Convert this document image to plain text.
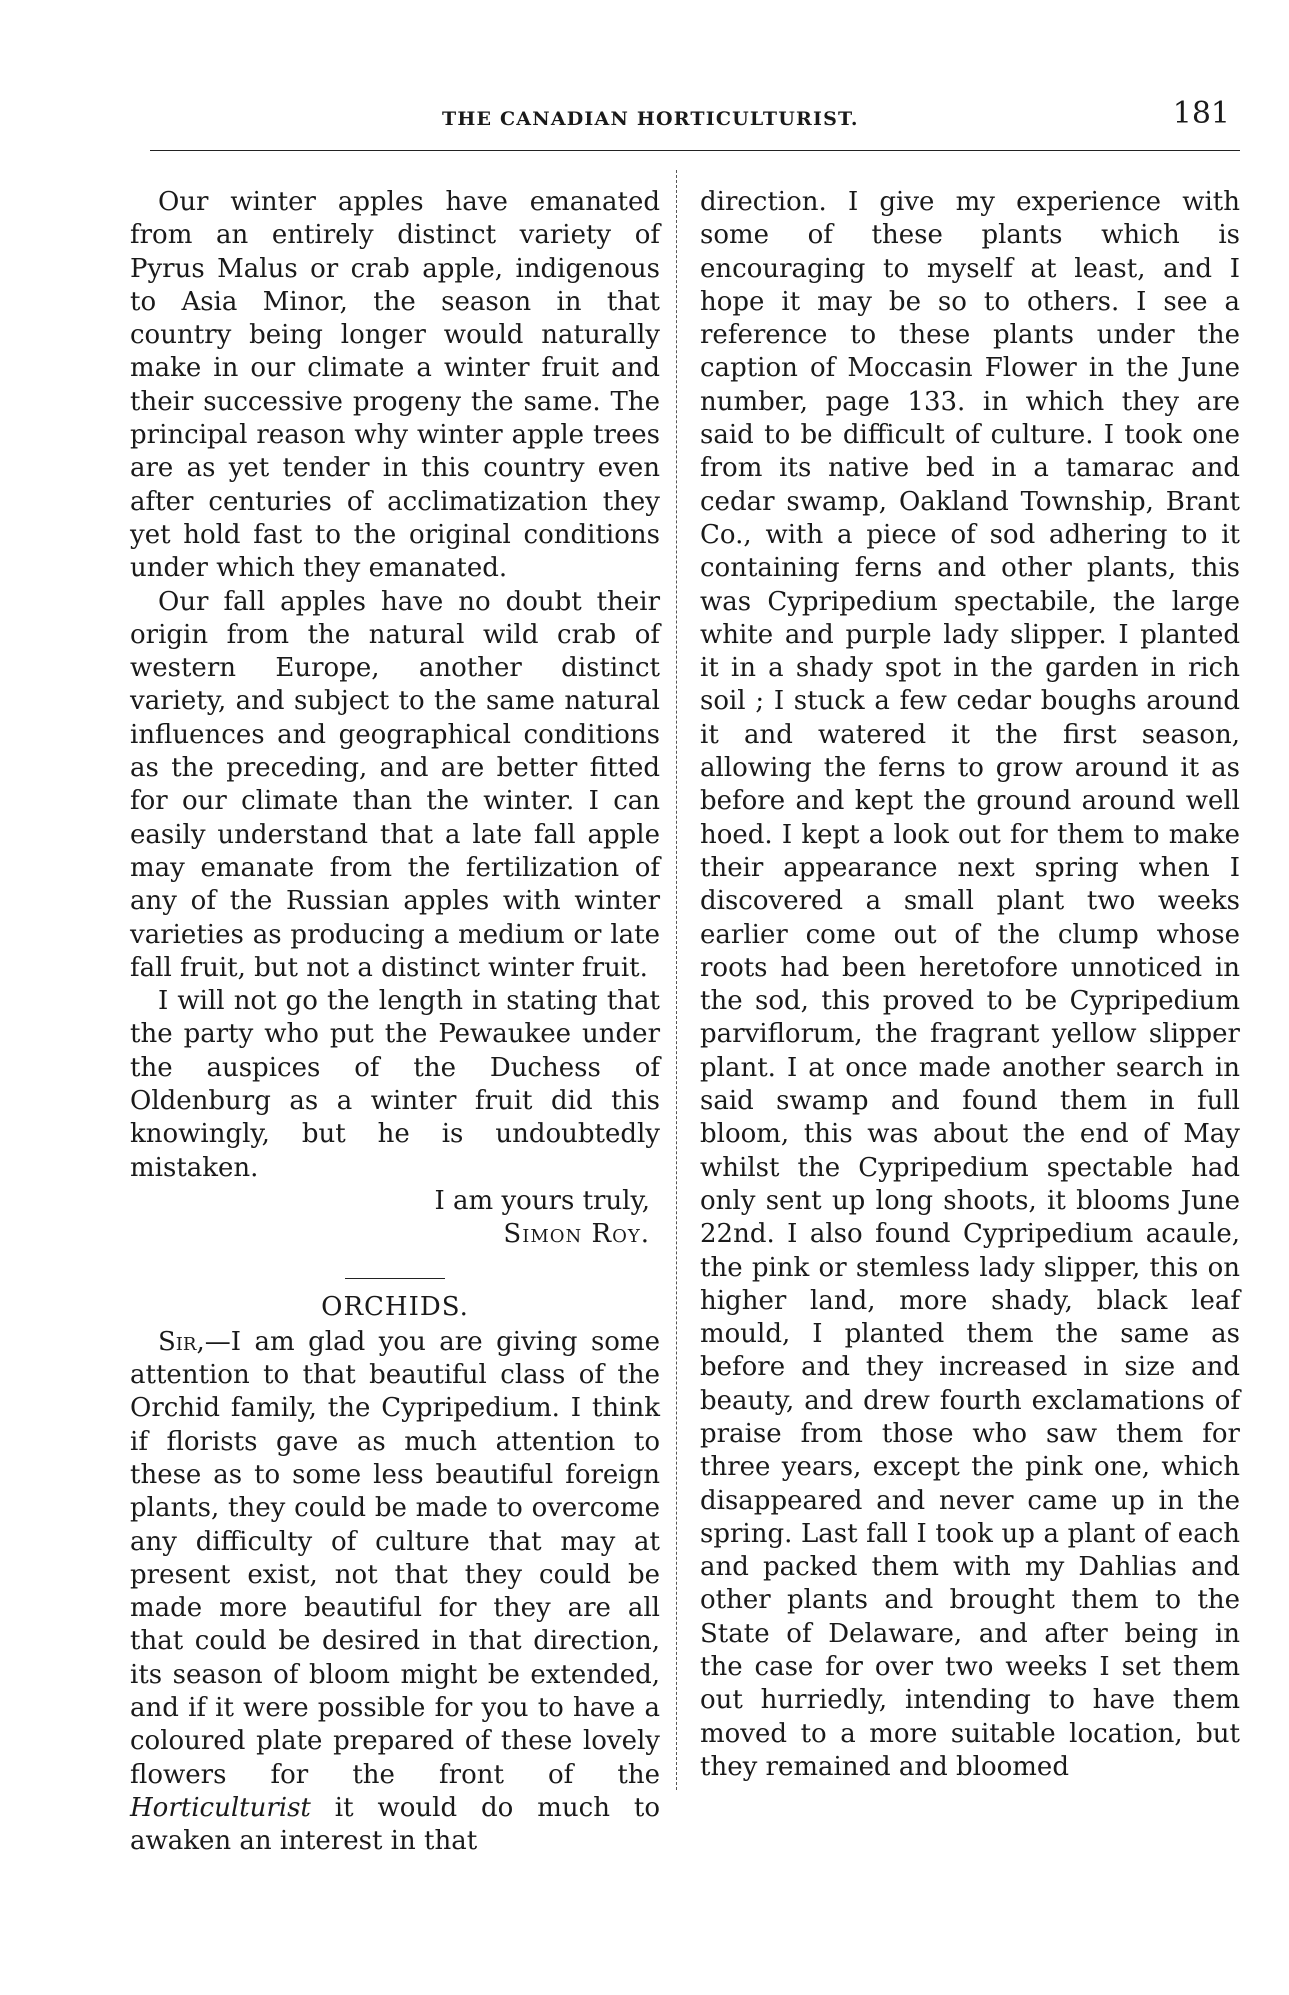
THE CANADIAN HORTICULTURIST.	181

Our winter apples have emanated from an entirely distinct variety of Pyrus Malus or crab apple, indigenous to Asia Minor, the season in that country being longer would naturally make in our climate a winter fruit and their successive progeny the same. The principal reason why winter apple trees are as yet tender in this country even after centuries of acclimatization they yet hold fast to the original conditions under which they emanated.

Our fall apples have no doubt their origin from the natural wild crab of western Europe, another distinct variety, and subject to the same natural influences and geographical conditions as the preceding, and are better fitted for our climate than the winter. I can easily understand that a late fall apple may emanate from the fertilization of any of the Russian apples with winter varieties as producing a medium or late fall fruit, but not a distinct winter fruit.

I will not go the length in stating that the party who put the Pewaukee under the auspices of the Duchess of Oldenburg as a winter fruit did this knowingly, but he is undoubtedly mistaken.

I am yours truly,
Simon Roy.
ORCHIDS.

Sir,—I am glad you are giving some attention to that beautiful class of the Orchid family, the Cypripedium. I think if florists gave as much attention to these as to some less beautiful foreign plants, they could be made to overcome any difficulty of culture that may at present exist, not that they could be made more beautiful for they are all that could be desired in that direction, its season of bloom might be extended, and if it were possible for you to have a coloured plate prepared of these lovely flowers for the front of the Horticulturist it would do much to awaken an interest in that

direction. I give my experience with some of these plants which is encouraging to myself at least, and I hope it may be so to others. I see a reference to these plants under the caption of Moccasin Flower in the June number, page 133. in which they are said to be difficult of culture. I took one from its native bed in a tamarac and cedar swamp, Oakland Township, Brant Co., with a piece of sod adhering to it containing ferns and other plants, this was Cypripedium spectabile, the large white and purple lady slipper. I planted it in a shady spot in the garden in rich soil ; I stuck a few cedar boughs around it and watered it the first season, allowing the ferns to grow around it as before and kept the ground around well hoed. I kept a look out for them to make their appearance next spring when I discovered a small plant two weeks earlier come out of the clump whose roots had been heretofore unnoticed in the sod, this proved to be Cypripedium parviflorum, the fragrant yellow slipper plant. I at once made another search in said swamp and found them in full bloom, this was about the end of May whilst the Cypripedium spectable had only sent up long shoots, it blooms June 22nd. I also found Cypripedium acaule, the pink or stemless lady slipper, this on higher land, more shady, black leaf mould, I planted them the same as before and they increased in size and beauty, and drew fourth exclamations of praise from those who saw them for three years, except the pink one, which disappeared and never came up in the spring. Last fall I took up a plant of each and packed them with my Dahlias and other plants and brought them to the State of Delaware, and after being in the case for over two weeks I set them out hurriedly, intending to have them moved to a more suitable location, but they remained and bloomed
